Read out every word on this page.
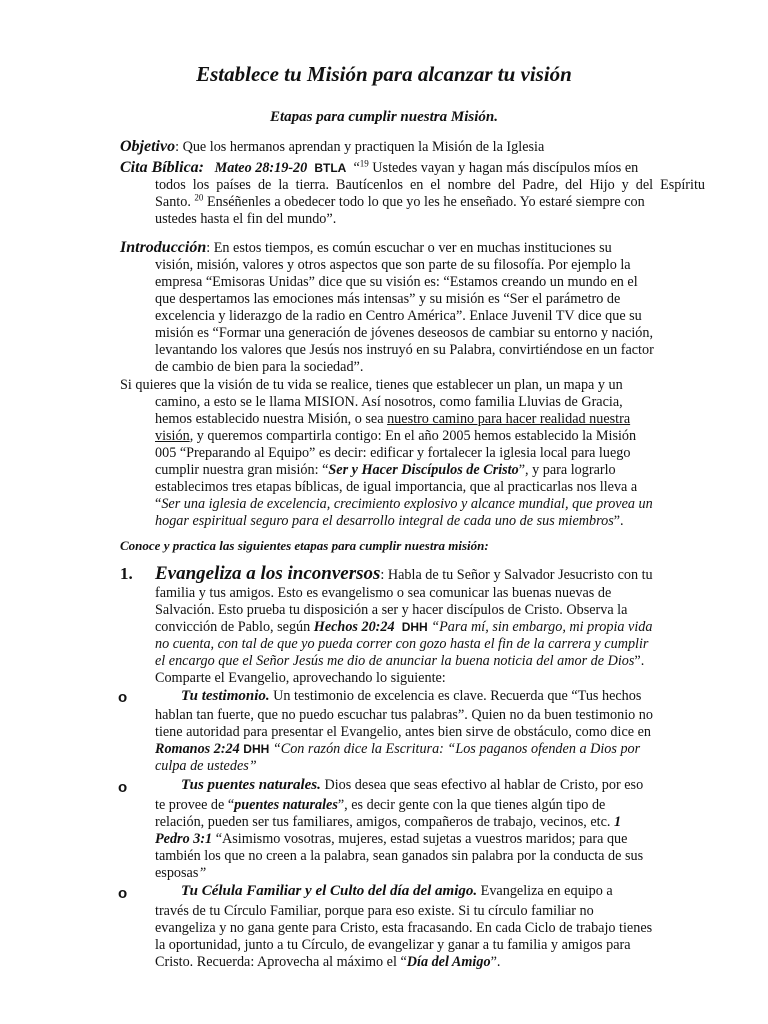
Establece tu Misión para alcanzar tu visión
Etapas para cumplir nuestra Misión.

Objetivo: Que los hermanos aprendan y practiquen la Misión de la Iglesia

Cita Bíblica: Mateo 28:19-20 BTLA “$^{19}$ Ustedes vayan y hagan más discípulos míos en

todos los países de la tierra. Bautícenlos en el nombre del Padre, del Hijo y del Espíritu

Santo. $^{20}$ Enséñenles a obedecer todo lo que yo les he enseñado. Yo estaré siempre con

ustedes hasta el fin del mundo”.

Introducción: En estos tiempos, es común escuchar o ver en muchas instituciones su

visión, misión, valores y otros aspectos que son parte de su filosofía. Por ejemplo la

empresa “Emisoras Unidas” dice que su visión es: “Estamos creando un mundo en el

que despertamos las emociones más intensas” y su misión es “Ser el parámetro de

excelencia y liderazgo de la radio en Centro América”. Enlace Juvenil TV dice que su

misión es “Formar una generación de jóvenes deseosos de cambiar su entorno y nación,

levantando los valores que Jesús nos instruyó en su Palabra, convirtiéndose en un factor

de cambio de bien para la sociedad”.

Si quieres que la visión de tu vida se realice, tienes que establecer un plan, un mapa y un

camino, a esto se le llama MISION. Así nosotros, como familia Lluvias de Gracia,

hemos establecido nuestra Misión, o sea nuestro camino para hacer realidad nuestra

visión, y queremos compartirla contigo: En el año 2005 hemos establecido la Misión

005 “Preparando al Equipo” es decir: edificar y fortalecer la iglesia local para luego

cumplir nuestra gran misión: “Ser y Hacer Discípulos de Cristo”, y para lograrlo

establecimos tres etapas bíblicas, de igual importancia, que al practicarlas nos lleva a

“Ser una iglesia de excelencia, crecimiento explosivo y alcance mundial, que provea un

hogar espiritual seguro para el desarrollo integral de cada uno de sus miembros”.

Conoce y practica las siguientes etapas para cumplir nuestra misión:

1. Evangeliza a los inconversos: Habla de tu Señor y Salvador Jesucristo con tu

familia y tus amigos. Esto es evangelismo o sea comunicar las buenas nuevas de

Salvación. Esto prueba tu disposición a ser y hacer discípulos de Cristo. Observa la

convicción de Pablo, según Hechos 20:24 DHH “Para mí, sin embargo, mi propia vida

no cuenta, con tal de que yo pueda correr con gozo hasta el fin de la carrera y cumplir

el encargo que el Señor Jesús me dio de anunciar la buena noticia del amor de Dios”.

Comparte el Evangelio, aprovechando lo siguiente:

o	Tu testimonio. Un testimonio de excelencia es clave. Recuerda que “Tus hechos

hablan tan fuerte, que no puedo escuchar tus palabras”. Quien no da buen testimonio no

tiene autoridad para presentar el Evangelio, antes bien sirve de obstáculo, como dice en

Romanos 2:24 DHH “Con razón dice la Escritura: “Los paganos ofenden a Dios por

culpa de ustedes”

o	Tus puentes naturales. Dios desea que seas efectivo al hablar de Cristo, por eso

te provee de “puentes naturales”, es decir gente con la que tienes algún tipo de

relación, pueden ser tus familiares, amigos, compañeros de trabajo, vecinos, etc. 1

Pedro 3:1 “Asimismo vosotras, mujeres, estad sujetas a vuestros maridos; para que

también los que no creen a la palabra, sean ganados sin palabra por la conducta de sus

esposas”

o	Tu Célula Familiar y el Culto del día del amigo. Evangeliza en equipo a

través de tu Círculo Familiar, porque para eso existe. Si tu círculo familiar no

evangeliza y no gana gente para Cristo, esta fracasando. En cada Ciclo de trabajo tienes

la oportunidad, junto a tu Círculo, de evangelizar y ganar a tu familia y amigos para

Cristo. Recuerda: Aprovecha al máximo el “Día del Amigo”.
